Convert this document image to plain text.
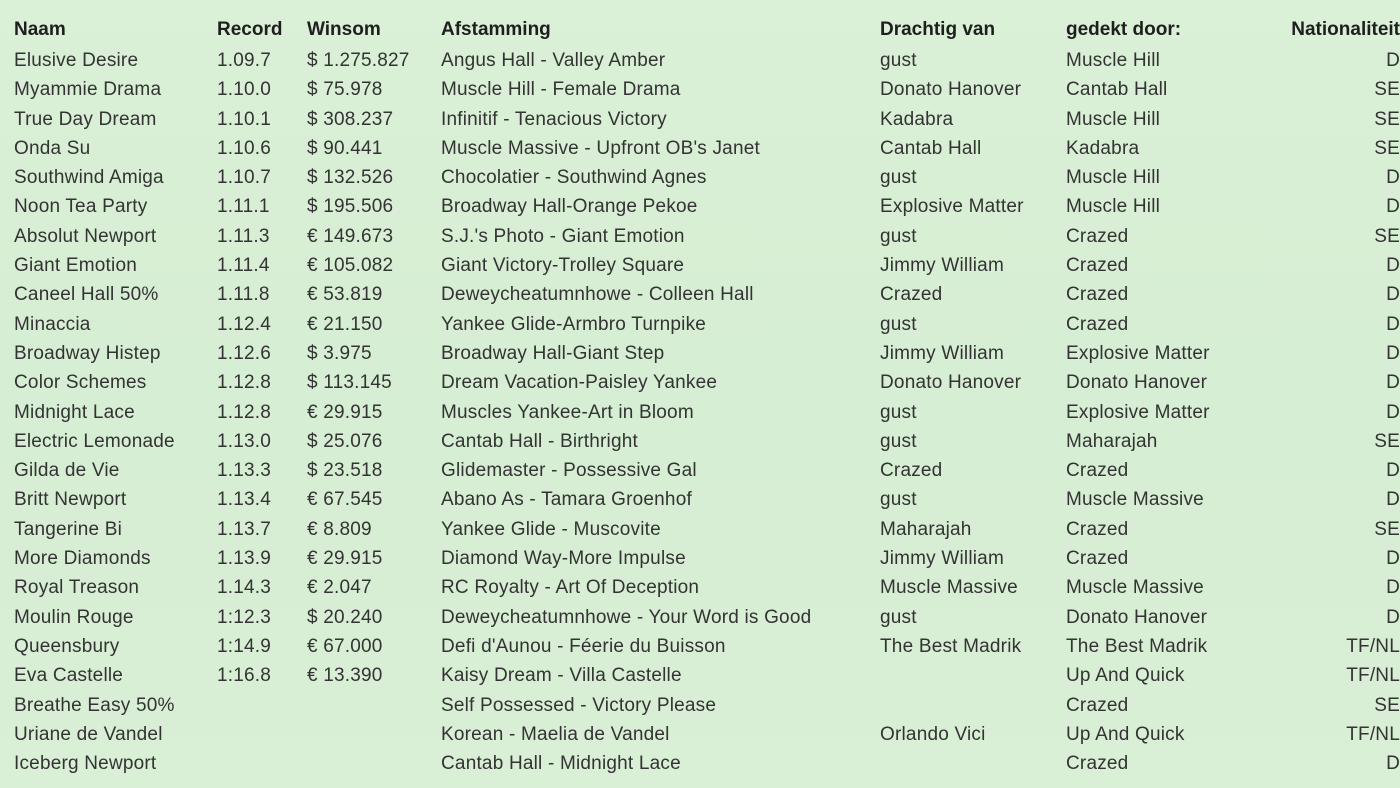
Naam	Record	Winsom	Afstamming	Drachtig van	gedekt door:	Nationaliteit
Elusive Desire	1.09.7	$ 1.275.827	Angus Hall - Valley Amber	gust	Muscle Hill	D
Myammie Drama	1.10.0	$ 75.978	Muscle Hill - Female Drama	Donato Hanover	Cantab Hall	SE
True Day Dream	1.10.1	$ 308.237	Infinitif - Tenacious Victory	Kadabra	Muscle Hill	SE
Onda Su	1.10.6	$ 90.441	Muscle Massive - Upfront OB's Janet	Cantab Hall	Kadabra	SE
Southwind Amiga	1.10.7	$ 132.526	Chocolatier - Southwind Agnes	gust	Muscle Hill	D
Noon Tea Party	1.11.1	$ 195.506	Broadway Hall-Orange Pekoe	Explosive Matter	Muscle Hill	D
Absolut Newport	1.11.3	€ 149.673	S.J.'s Photo - Giant Emotion	gust	Crazed	SE
Giant Emotion	1.11.4	€ 105.082	Giant Victory-Trolley Square	Jimmy William	Crazed	D
Caneel Hall 50%	1.11.8	€ 53.819	Deweycheatumnhowe - Colleen Hall	Crazed	Crazed	D
Minaccia	1.12.4	€ 21.150	Yankee Glide-Armbro Turnpike	gust	Crazed	D
Broadway Histep	1.12.6	$ 3.975	Broadway Hall-Giant Step	Jimmy William	Explosive Matter	D
Color Schemes	1.12.8	$ 113.145	Dream Vacation-Paisley Yankee	Donato Hanover	Donato Hanover	D
Midnight Lace	1.12.8	€ 29.915	Muscles Yankee-Art in Bloom	gust	Explosive Matter	D
Electric Lemonade	1.13.0	$ 25.076	Cantab Hall - Birthright	gust	Maharajah	SE
Gilda de Vie	1.13.3	$ 23.518	Glidemaster - Possessive Gal	Crazed	Crazed	D
Britt Newport	1.13.4	€ 67.545	Abano As - Tamara Groenhof	gust	Muscle Massive	D
Tangerine Bi	1.13.7	€ 8.809	Yankee Glide - Muscovite	Maharajah	Crazed	SE
More Diamonds	1.13.9	€ 29.915	Diamond Way-More Impulse	Jimmy William	Crazed	D
Royal Treason	1.14.3	€ 2.047	RC Royalty - Art Of Deception	Muscle Massive	Muscle Massive	D
Moulin Rouge	1:12.3	$ 20.240	Deweycheatumnhowe - Your Word is Good	gust	Donato Hanover	D
Queensbury	1:14.9	€ 67.000	Defi d'Aunou - Féerie du Buisson	The Best Madrik	The Best Madrik	TF/NL
Eva Castelle	1:16.8	€ 13.390	Kaisy Dream - Villa Castelle		Up And Quick	TF/NL
Breathe Easy 50%			Self Possessed - Victory Please		Crazed	SE
Uriane de Vandel			Korean - Maelia de Vandel	Orlando Vici	Up And Quick	TF/NL
Iceberg Newport			Cantab Hall - Midnight Lace		Crazed	D
